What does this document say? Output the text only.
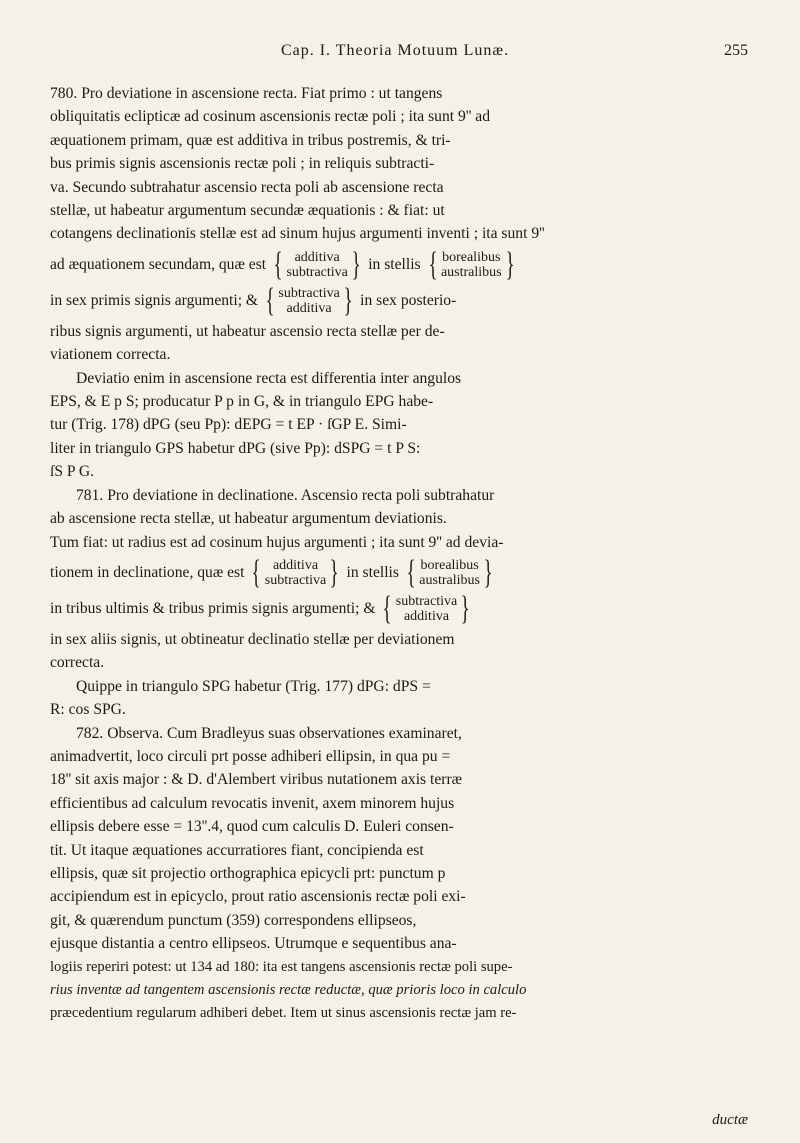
Cap. I. Theoria Motuum Lunæ.	255
780. Pro deviatione in ascensione recta. Fiat primo : ut tangens
obliquitatis eclipticæ ad cosinum ascensionis rectæ poli ; ita sunt 9'' ad
æquationem primam, quæ est additiva in tribus postremis, & tri-
bus primis signis ascensionis rectæ poli ; in reliquis subtracti-
va. Secundo subtrahatur ascensio recta poli ab ascensione recta
stellæ, ut habeatur argumentum secundæ æquationis : & fiat: ut
cotangens declinationis stellæ est ad sinum hujus argumenti inventi ; ita sunt 9''
ad æquationem secundam, quæ est { additiva
subtractiva } in stellis { borealibus
australibus }
in sex primis signis argumenti; & { subtractiva
additiva } in sex posterio-
ribus signis argumenti, ut habeatur ascensio recta stellæ per de-
viationem correcta.
Deviatio enim in ascensione recta est differentia inter angulos
EPS, & E p S; producatur P p in G, & in triangulo EPG habe-
tur (Trig. 178) dPG (seu Pp): dEPG = t EP · ſGP E. Simi-
liter in triangulo GPS habetur dPG (sive Pp): dSPG = t P S:
ſS P G.
781. Pro deviatione in declinatione. Ascensio recta poli subtrahatur
ab ascensione recta stellæ, ut habeatur argumentum deviationis.
Tum fiat: ut radius est ad cosinum hujus argumenti ; ita sunt 9'' ad devia-
tionem in declinatione, quæ est { additiva
subtractiva } in stellis { borealibus
australibus }
in tribus ultimis & tribus primis signis argumenti; & { subtractiva
additiva }
in sex aliis signis, ut obtineatur declinatio stellæ per deviationem
correcta.
Quippe in triangulo SPG habetur (Trig. 177) dPG: dPS =
R: cos SPG.
782. Observa. Cum Bradleyus suas observationes examinaret,
animadvertit, loco circuli prt posse adhiberi ellipsin, in qua pu =
18'' sit axis major : & D. d'Alembert viribus nutationem axis terræ
efficientibus ad calculum revocatis invenit, axem minorem hujus
ellipsis debere esse = 13''.4, quod cum calculis D. Euleri consen-
tit. Ut itaque æquationes accurratiores fiant, concipienda est
ellipsis, quæ sit projectio orthographica epicycli prt: punctum p
accipiendum est in epicyclo, prout ratio ascensionis rectæ poli exi-
git, & quærendum punctum (359) correspondens ellipseos,
ejusque distantia a centro ellipseos. Utrumque e sequentibus ana-
logiis reperiri potest: ut 134 ad 180: ita est tangens ascensionis rectæ poli supe-
rius inventæ ad tangentem ascensionis rectæ reductæ, quæ prioris loco in calculo
præcedentium regularum adhiberi debet. Item ut sinus ascensionis rectæ jam re-
ductæ
